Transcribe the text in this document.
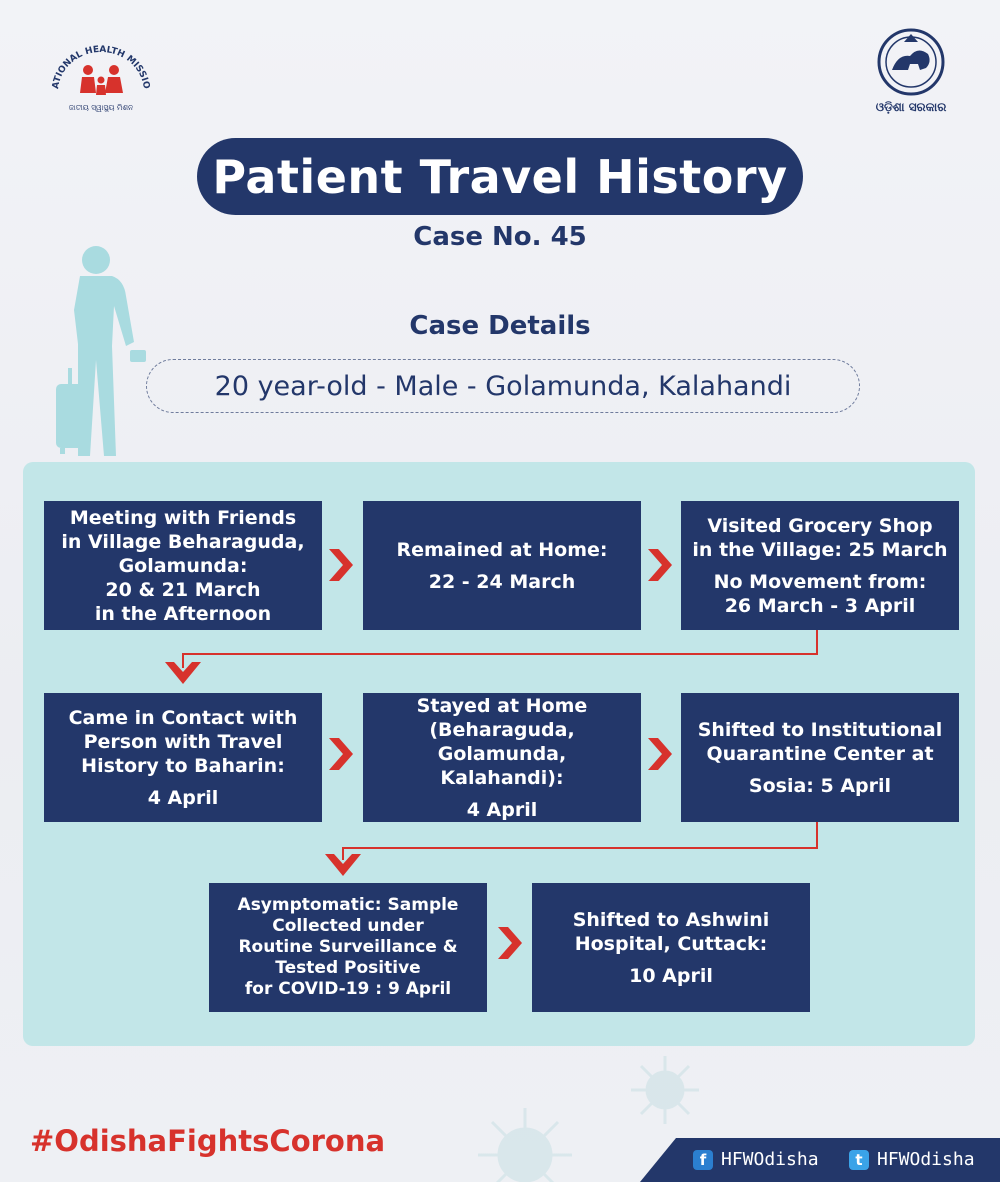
ATIONAL HEALTH MISSIO
ଜାତୀୟ ସ୍ୱାସ୍ଥ୍ୟ ମିଶନ	ଓଡ଼ିଶା ସରକାର
Patient Travel History
Case No. 45
Case Details
20 year-old - Male - Golamunda, Kalahandi
Meeting with Friends
in Village Beharaguda,
Golamunda:
20 & 21 March
in the Afternoon
Remained at Home:
22 - 24 March
Visited Grocery Shop
in the Village: 25 March
No Movement from:
26 March - 3 April
Came in Contact with
Person with Travel
History to Baharin:
4 April
Stayed at Home
(Beharaguda,
Golamunda, Kalahandi):
4 April
Shifted to Institutional
Quarantine Center at
Sosia: 5 April
Asymptomatic: Sample
Collected under
Routine Surveillance &
Tested Positive
for COVID-19 : 9 April
Shifted to Ashwini
Hospital, Cuttack:
10 April
#OdishaFightsCorona
f HFWOdisha	t HFWOdisha
